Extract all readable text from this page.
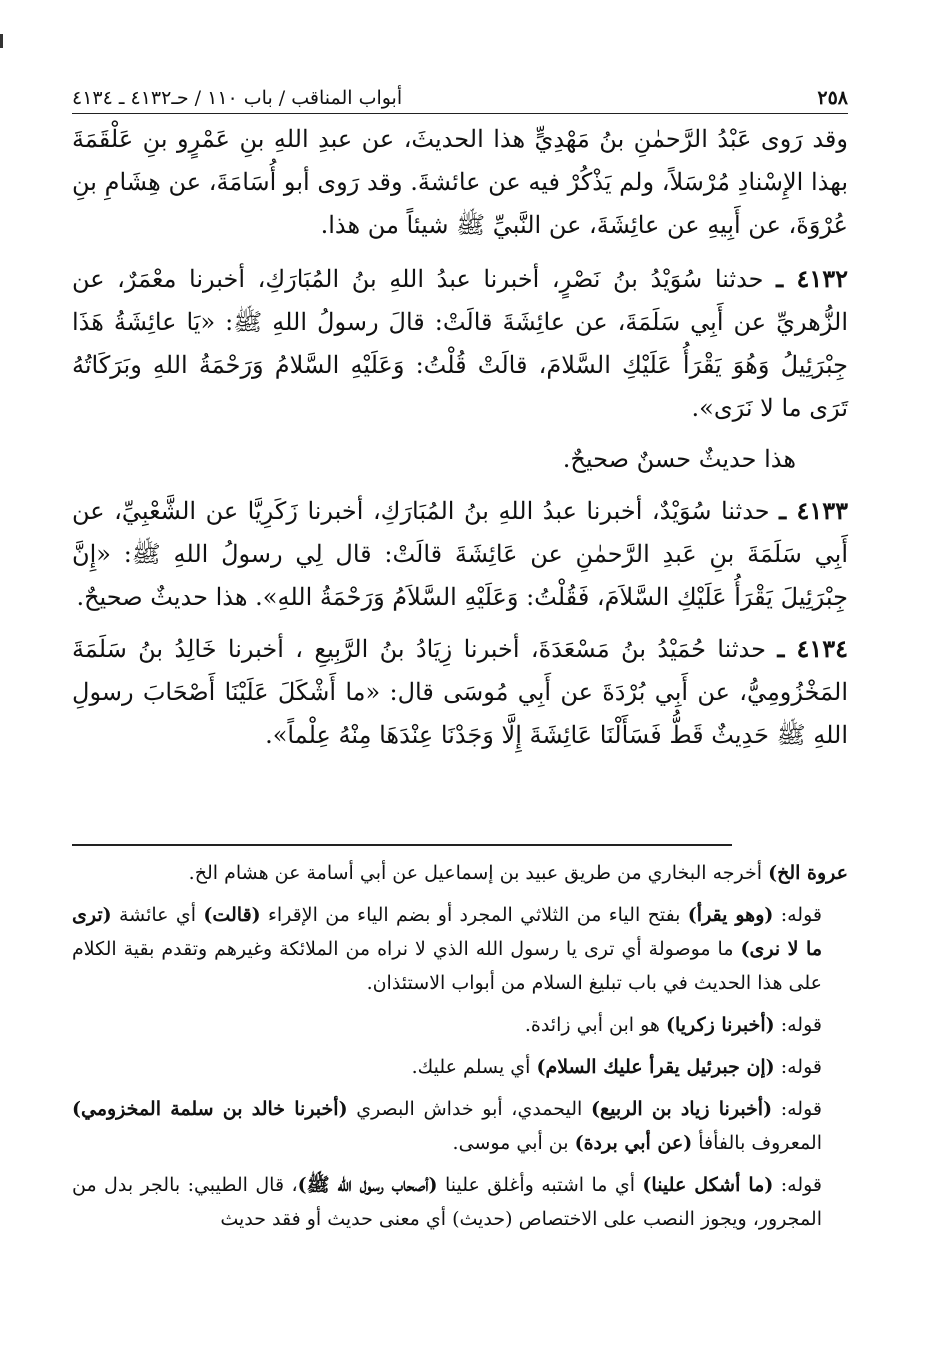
٢٥٨
أبواب المناقب / باب ١١٠ / حـ٤١٣٢ ـ ٤١٣٤

وقد رَوى عَبْدُ الرَّحمٰنِ بنُ مَهْدِيٍّ هذا الحديثَ، عن عبدِ اللهِ بنِ عَمْرٍو بنِ عَلْقَمَةَ بهذا الإِسْنادِ مُرْسَلاً، ولم يَذْكُرْ فيه عن عائشةَ. وقد رَوى أبو أُسَامَةَ، عن هِشَامِ بنِ عُرْوَةَ، عن أَبِيهِ عن عائِشَةَ، عن النَّبيِّ ﷺ شيئاً من هذا.

٤١٣٢ ـ حدثنا سُوَيْدُ بنُ نَصْرٍ، أخبرنا عبدُ اللهِ بنُ المُبَارَكِ، أخبرنا معْمَرٌ، عن الزُّهريِّ عن أَبِي سَلَمَةَ، عن عائِشَةَ قالَتْ: قالَ رسولُ اللهِ ﷺ: «يَا عائِشَةُ هَذَا جِبْرَئِيلُ وَهُوَ يَقْرَأُ عَلَيْكِ السَّلامَ، قالَتْ قُلْتُ: وَعَلَيْهِ السَّلامُ وَرَحْمَةُ اللهِ وبَرَكَاتُهُ تَرَى ما لا نَرَى».

هذا حديثٌ حسنٌ صحيحٌ.

٤١٣٣ ـ حدثنا سُوَيْدٌ، أخبرنا عبدُ اللهِ بنُ المُبَارَكِ، أخبرنا زَكَرِيَّا عن الشَّعْبِيِّ، عن أَبِي سَلَمَةَ بنِ عَبدِ الرَّحمٰنِ عن عَائِشَةَ قالَتْ: قال لِي رسولُ اللهِ ﷺ: «إِنَّ جِبْرَئِيلَ يَقْرَأُ عَلَيْكِ السَّلاَمَ، فَقُلْتُ: وَعَلَيْهِ السَّلاَمُ وَرَحْمَةُ اللهِ». هذا حديثٌ صحيحٌ.

٤١٣٤ ـ حدثنا حُمَيْدُ بنُ مَسْعَدَةَ، أخبرنا زِيَادُ بنُ الرَّبِيعِ ، أخبرنا خَالِدُ بنُ سَلَمَةَ المَخْزُومِيُّ، عن أَبِي بُرْدَةَ عن أَبِي مُوسَى قال: «ما أَشْكَلَ عَلَيْنَا أَصْحَابَ رسولِ اللهِ ﷺ حَدِيثٌ قَطُّ فَسَأَلْنَا عَائِشَةَ إِلَّا وَجَدْنَا عِنْدَهَا مِنْهُ عِلْماً».

عروة الخ) أخرجه البخاري من طريق عبيد بن إسماعيل عن أبي أسامة عن هشام الخ.

قوله: (وهو يقرأ) بفتح الياء من الثلاثي المجرد أو بضم الياء من الإقراء (قالت) أي عائشة (ترى ما لا نرى) ما موصولة أي ترى يا رسول الله الذي لا نراه من الملائكة وغيرهم وتقدم بقية الكلام على هذا الحديث في باب تبليغ السلام من أبواب الاستئذان.

قوله: (أخبرنا زكريا) هو ابن أبي زائدة.

قوله: (إن جبرئيل يقرأ عليك السلام) أي يسلم عليك.

قوله: (أخبرنا زياد بن الربيع) اليحمدي، أبو خداش البصري (أخبرنا خالد بن سلمة المخزومي) المعروف بالفأفأ (عن أبي بردة) بن أبي موسى.

قوله: (ما أشكل علينا) أي ما اشتبه وأغلق علينا (أصحاب رسول الله ﷺ)، قال الطيبي: بالجر بدل من المجرور، ويجوز النصب على الاختصاص (حديث) أي معنى حديث أو فقد حديث
